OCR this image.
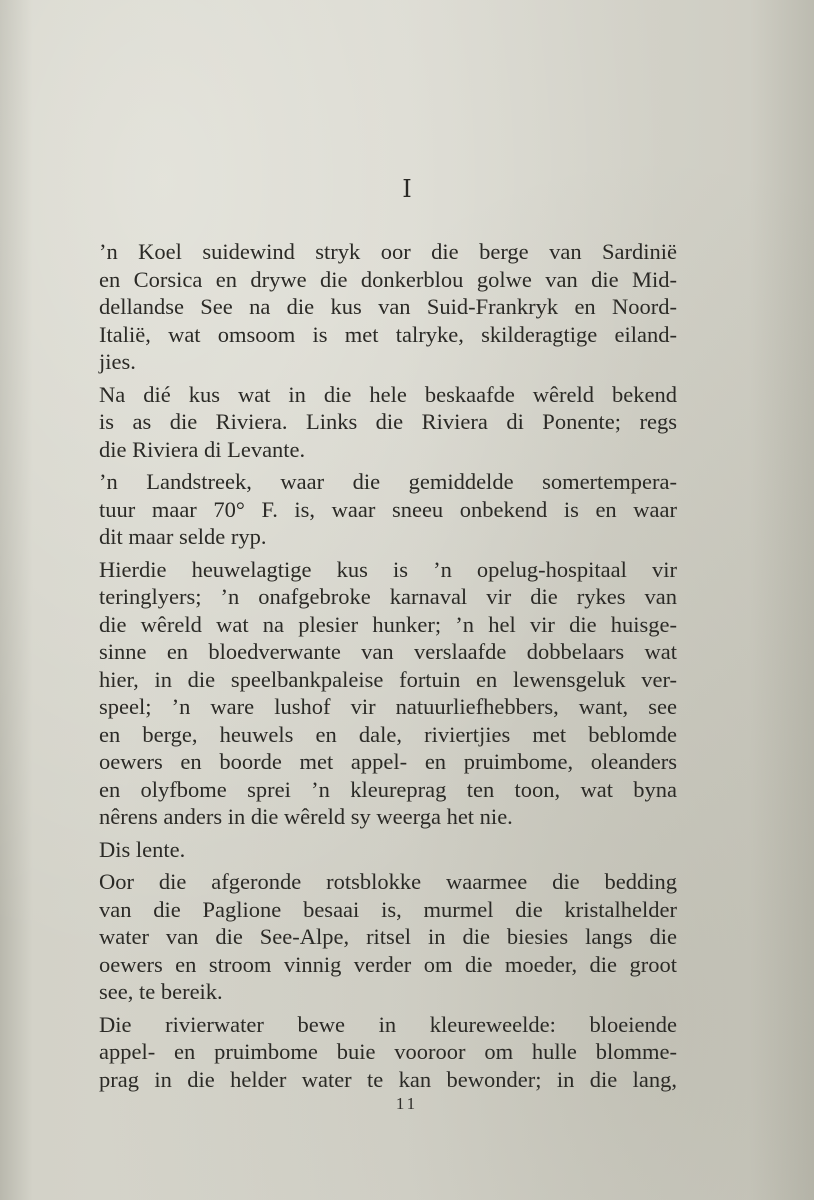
I

’n Koel suidewind stryk oor die berge van Sardinië
en Corsica en drywe die donkerblou golwe van die Mid-
dellandse See na die kus van Suid-Frankryk en Noord-
Italië, wat omsoom is met talryke, skilderagtige eiland-
jies.

Na dié kus wat in die hele beskaafde wêreld bekend
is as die Riviera. Links die Riviera di Ponente; regs
die Riviera di Levante.

’n Landstreek, waar die gemiddelde somertempera-
tuur maar 70° F. is, waar sneeu onbekend is en waar
dit maar selde ryp.

Hierdie heuwelagtige kus is ’n opelug-hospitaal vir
teringlyers; ’n onafgebroke karnaval vir die rykes van
die wêreld wat na plesier hunker; ’n hel vir die huisge-
sinne en bloedverwante van verslaafde dobbelaars wat
hier, in die speelbankpaleise fortuin en lewensgeluk ver-
speel; ’n ware lushof vir natuurliefhebbers, want, see
en berge, heuwels en dale, riviertjies met beblomde
oewers en boorde met appel- en pruimbome, oleanders
en olyfbome sprei ’n kleureprag ten toon, wat byna
nêrens anders in die wêreld sy weerga het nie.

Dis lente.

Oor die afgeronde rotsblokke waarmee die bedding
van die Paglione besaai is, murmel die kristalhelder
water van die See-Alpe, ritsel in die biesies langs die
oewers en stroom vinnig verder om die moeder, die groot
see, te bereik.

Die rivierwater bewe in kleureweelde: bloeiende
appel- en pruimbome buie vooroor om hulle blomme-
prag in die helder water te kan bewonder; in die lang,

11
